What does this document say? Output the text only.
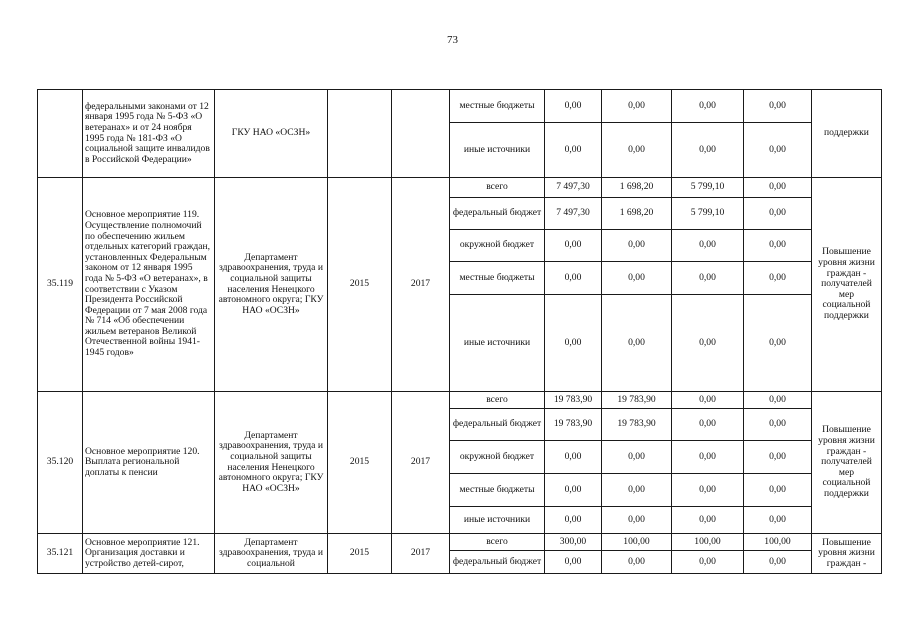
73
	федеральными законами от 12 января 1995 года № 5-ФЗ «О ветеранах» и от 24 ноября 1995 года № 181-ФЗ «О социальной защите инвалидов в Российской Федерации»	ГКУ НАО «ОСЗН»			местные бюджеты	0,00	0,00	0,00	0,00	поддержки
					иные источники	0,00	0,00	0,00	0,00	
35.119	Основное мероприятие 119. Осуществление полномочий по обеспечению жильем отдельных категорий граждан, установленных Федеральным законом от 12 января 1995 года № 5-ФЗ «О ветеранах», в соответствии с Указом Президента Российской Федерации от 7 мая 2008 года № 714 «Об обеспечении жильем ветеранов Великой Отечественной войны 1941-1945 годов»	Департамент здравоохранения, труда и социальной защиты населения Ненецкого автономного округа; ГКУ НАО «ОСЗН»	2015	2017	всего	7 497,30	1 698,20	5 799,10	0,00	Повышение уровня жизни граждан - получателей мер социальной поддержки
					федеральный бюджет	7 497,30	1 698,20	5 799,10	0,00	
					окружной бюджет	0,00	0,00	0,00	0,00	
					местные бюджеты	0,00	0,00	0,00	0,00	
					иные источники	0,00	0,00	0,00	0,00	
35.120	Основное мероприятие 120. Выплата региональной доплаты к пенсии	Департамент здравоохранения, труда и социальной защиты населения Ненецкого автономного округа; ГКУ НАО «ОСЗН»	2015	2017	всего	19 783,90	19 783,90	0,00	0,00	Повышение уровня жизни граждан - получателей мер социальной поддержки
					федеральный бюджет	19 783,90	19 783,90	0,00	0,00	
					окружной бюджет	0,00	0,00	0,00	0,00	
					местные бюджеты	0,00	0,00	0,00	0,00	
					иные источники	0,00	0,00	0,00	0,00	
35.121	Основное мероприятие 121. Организация доставки и устройство детей-сирот,	Департамент здравоохранения, труда и социальной	2015	2017	всего	300,00	100,00	100,00	100,00	Повышение уровня жизни граждан -
					федеральный бюджет	0,00	0,00	0,00	0,00	
